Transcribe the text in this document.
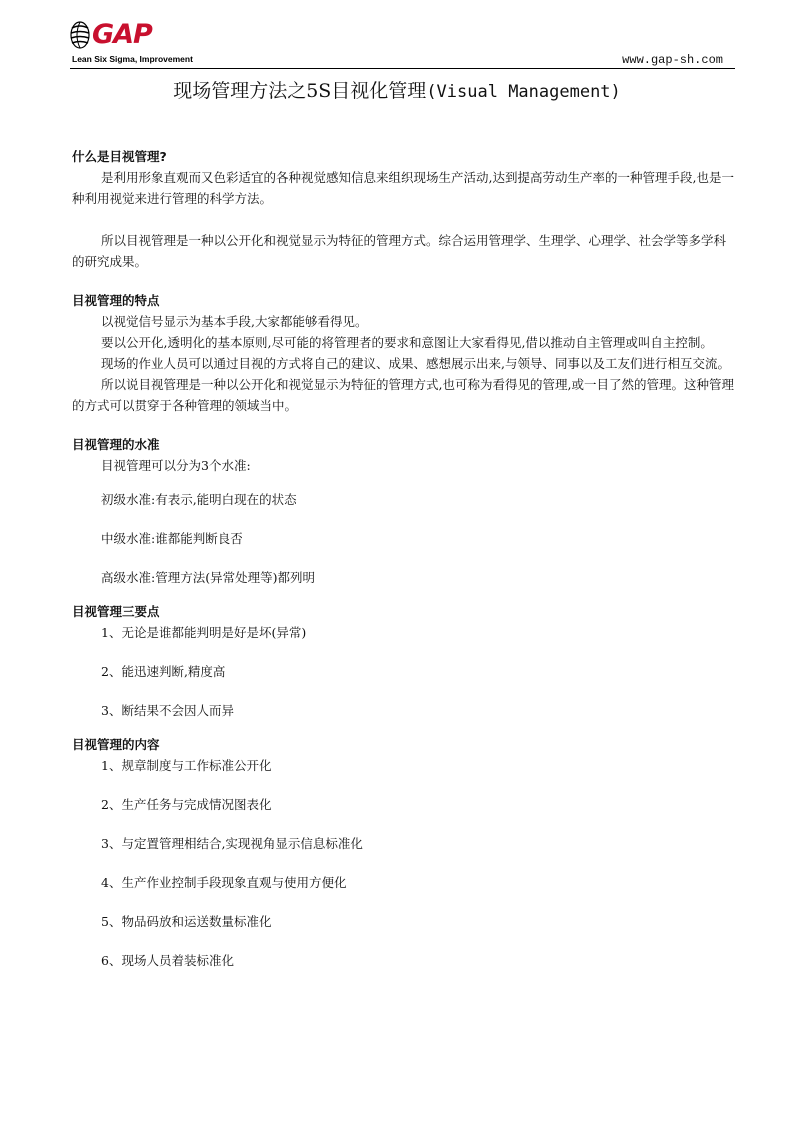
GAP
Lean Six Sigma, Improvement	www.gap-sh.com
现场管理方法之5S目视化管理(Visual Management)

什么是目视管理?

是利用形象直观而又色彩适宜的各种视觉感知信息来组织现场生产活动,达到提高劳动生产率的一种管理手段,也是一种利用视觉来进行管理的科学方法。

所以目视管理是一种以公开化和视觉显示为特征的管理方式。综合运用管理学、生理学、心理学、社会学等多学科的研究成果。

目视管理的特点

以视觉信号显示为基本手段,大家都能够看得见。

要以公开化,透明化的基本原则,尽可能的将管理者的要求和意图让大家看得见,借以推动自主管理或叫自主控制。

现场的作业人员可以通过目视的方式将自己的建议、成果、感想展示出来,与领导、同事以及工友们进行相互交流。

所以说目视管理是一种以公开化和视觉显示为特征的管理方式,也可称为看得见的管理,或一目了然的管理。这种管理的方式可以贯穿于各种管理的领域当中。

目视管理的水准

目视管理可以分为3个水准:

初级水准:有表示,能明白现在的状态

中级水准:谁都能判断良否

高级水准:管理方法(异常处理等)都列明

目视管理三要点

1、无论是谁都能判明是好是坏(异常)

2、能迅速判断,精度高

3、断结果不会因人而异

目视管理的内容

1、规章制度与工作标准公开化

2、生产任务与完成情况图表化

3、与定置管理相结合,实现视角显示信息标准化

4、生产作业控制手段现象直观与使用方便化

5、物品码放和运送数量标准化

6、现场人员着装标准化
